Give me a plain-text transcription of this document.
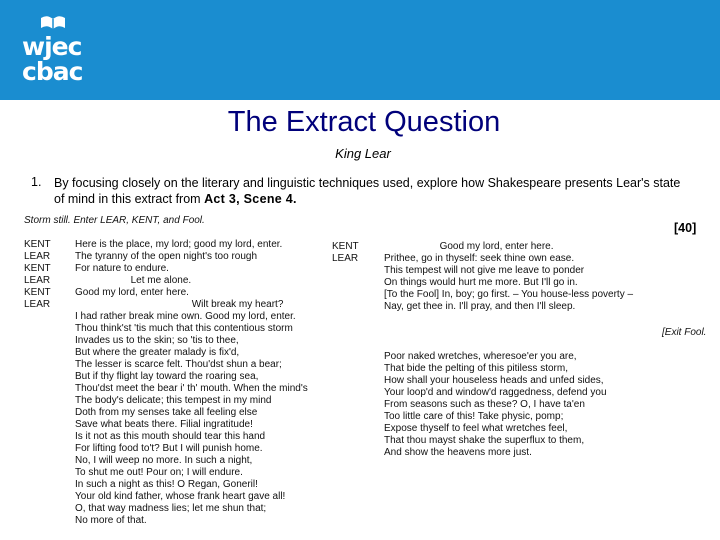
wjec
cbac
The Extract Question
King Lear
1. By focusing closely on the literary and linguistic techniques used, explore how Shakespeare presents Lear's state of mind in this extract from Act 3, Scene 4.
[40]
Storm still. Enter LEAR, KENT, and Fool.
KENT
LEAR
KENT
LEAR
KENT
LEAR
Here is the place, my lord; good my lord, enter.
The tyranny of the open night's too rough
For nature to endure.
Let me alone.
Good my lord, enter here.
Wilt break my heart?
I had rather break mine own. Good my lord, enter.
Thou think'st 'tis much that this contentious storm
Invades us to the skin; so 'tis to thee,
But where the greater malady is fix'd,
The lesser is scarce felt. Thou'dst shun a bear;
But if thy flight lay toward the roaring sea,
Thou'dst meet the bear i' th' mouth. When the mind's
The body's delicate; this tempest in my mind
Doth from my senses take all feeling else
Save what beats there. Filial ingratitude!
Is it not as this mouth should tear this hand
For lifting food to't? But I will punish home.
No, I will weep no more. In such a night,
To shut me out! Pour on; I will endure.
In such a night as this! O Regan, Goneril!
Your old kind father, whose frank heart gave all!
O, that way madness lies; let me shun that;
No more of that.
KENT
LEAR
Good my lord, enter here.
Prithee, go in thyself: seek thine own ease.
This tempest will not give me leave to ponder
On things would hurt me more. But I'll go in.
[To the Fool] In, boy; go first. – You house-less poverty –
Nay, get thee in. I'll pray, and then I'll sleep.
[Exit Fool.
Poor naked wretches, wheresoe'er you are,
That bide the pelting of this pitiless storm,
How shall your houseless heads and unfed sides,
Your loop'd and window'd raggedness, defend you
From seasons such as these? O, I have ta'en
Too little care of this! Take physic, pomp;
Expose thyself to feel what wretches feel,
That thou mayst shake the superflux to them,
And show the heavens more just.
